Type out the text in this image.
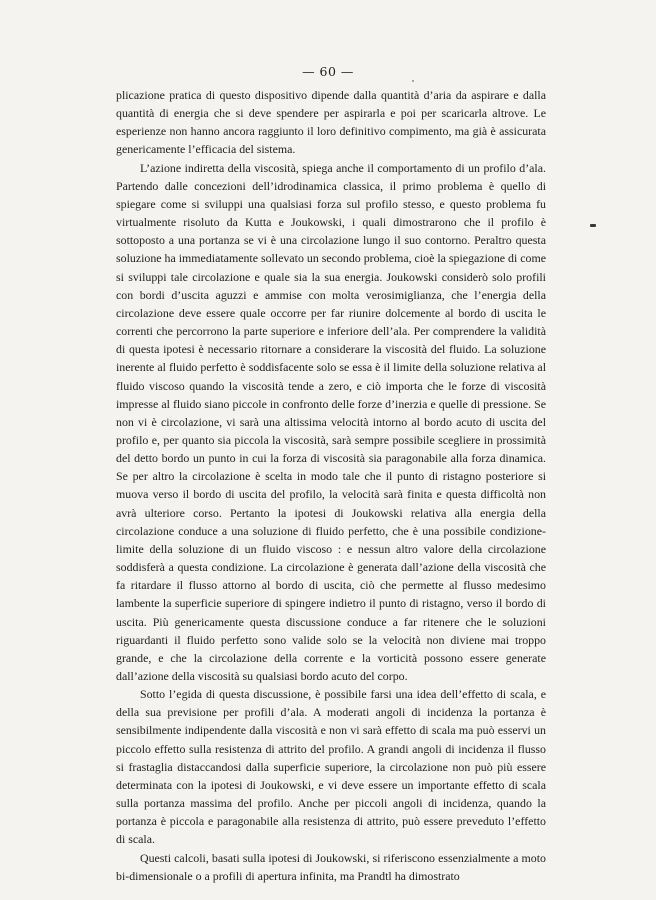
— 60 —

plicazione pratica di questo dispositivo dipende dalla quantità d’aria da aspirare e dalla quantità di energia che si deve spendere per aspirarla e poi per scaricarla altrove. Le esperienze non hanno ancora raggiunto il loro definitivo compimento, ma già è assicurata genericamente l’efficacia del sistema.

L’azione indiretta della viscosità, spiega anche il comportamento di un profilo d’ala. Partendo dalle concezioni dell’idrodinamica classica, il primo problema è quello di spiegare come si sviluppi una qualsiasi forza sul profilo stesso, e questo problema fu virtualmente risoluto da Kutta e Joukowski, i quali dimostrarono che il profilo è sottoposto a una portanza se vi è una circolazione lungo il suo contorno. Peraltro questa soluzione ha immediatamente sollevato un secondo problema, cioè la spiegazione di come si sviluppi tale circolazione e quale sia la sua energia. Joukowski considerò solo profili con bordi d’uscita aguzzi e ammise con molta verosimiglianza, che l’energia della circolazione deve essere quale occorre per far riunire dolcemente al bordo di uscita le correnti che percorrono la parte superiore e inferiore dell’ala. Per comprendere la validità di questa ipotesi è necessario ritornare a considerare la viscosità del fluido. La soluzione inerente al fluido perfetto è soddisfacente solo se essa è il limite della soluzione relativa al fluido viscoso quando la viscosità tende a zero, e ciò importa che le forze di viscosità impresse al fluido siano piccole in confronto delle forze d’inerzia e quelle di pressione. Se non vi è circolazione, vi sarà una altissima velocità intorno al bordo acuto di uscita del profilo e, per quanto sia piccola la viscosità, sarà sempre possibile scegliere in prossimità del detto bordo un punto in cui la forza di viscosità sia paragonabile alla forza dinamica. Se per altro la circolazione è scelta in modo tale che il punto di ristagno posteriore si muova verso il bordo di uscita del profilo, la velocità sarà finita e questa difficoltà non avrà ulteriore corso. Pertanto la ipotesi di Joukowski relativa alla energia della circolazione conduce a una soluzione di fluido perfetto, che è una possibile condizione-limite della soluzione di un fluido viscoso : e nessun altro valore della circolazione soddisferà a questa condizione. La circolazione è generata dall’azione della viscosità che fa ritardare il flusso attorno al bordo di uscita, ciò che permette al flusso medesimo lambente la superficie superiore di spingere indietro il punto di ristagno, verso il bordo di uscita. Più genericamente questa discussione conduce a far ritenere che le soluzioni riguardanti il fluido perfetto sono valide solo se la velocità non diviene mai troppo grande, e che la circolazione della corrente e la vorticità possono essere generate dall’azione della viscosità su qualsiasi bordo acuto del corpo.

Sotto l’egida di questa discussione, è possibile farsi una idea dell’effetto di scala, e della sua previsione per profili d’ala. A moderati angoli di incidenza la portanza è sensibilmente indipendente dalla viscosità e non vi sarà effetto di scala ma può esservi un piccolo effetto sulla resistenza di attrito del profilo. A grandi angoli di incidenza il flusso si frastaglia distaccandosi dalla superficie superiore, la circolazione non può più essere determinata con la ipotesi di Joukowski, e vi deve essere un importante effetto di scala sulla portanza massima del profilo. Anche per piccoli angoli di incidenza, quando la portanza è piccola e paragonabile alla resistenza di attrito, può essere preveduto l’effetto di scala.

Questi calcoli, basati sulla ipotesi di Joukowski, si riferiscono essenzialmente a moto bi-dimensionale o a profili di apertura infinita, ma Prandtl ha dimostrato
